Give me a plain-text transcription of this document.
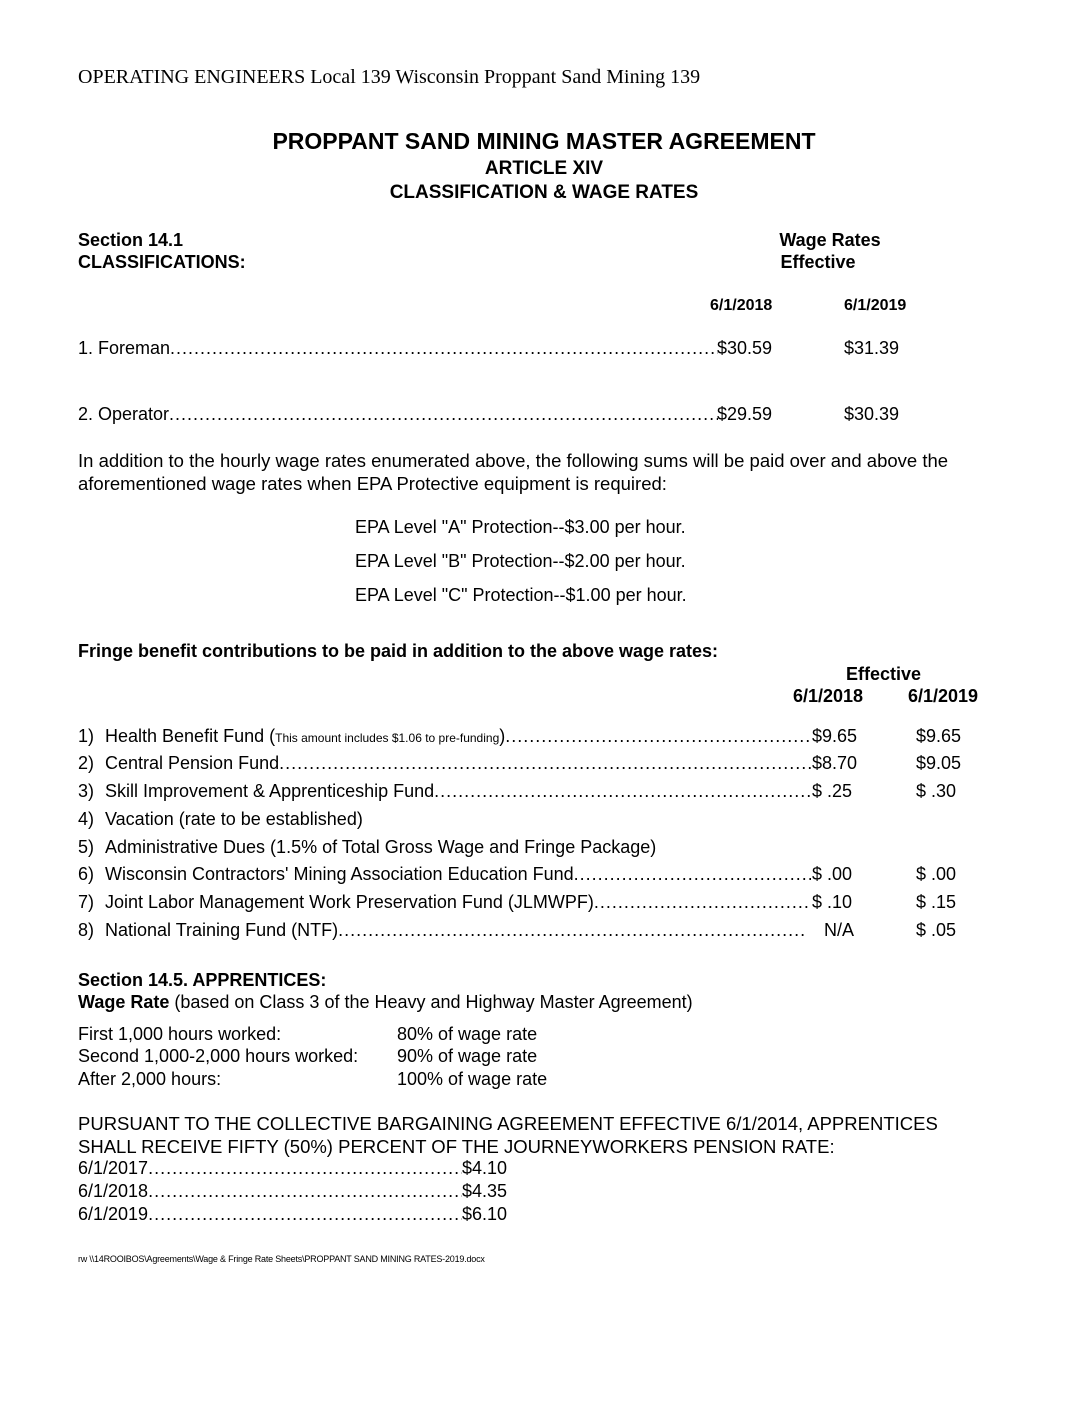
OPERATING ENGINEERS Local 139 Wisconsin Proppant Sand Mining 139
PROPPANT SAND MINING MASTER AGREEMENT
ARTICLE XIV
CLASSIFICATION & WAGE RATES
Section 14.1
CLASSIFICATIONS:
Wage Rates
Effective
6/1/2018	6/1/2019
1. Foreman .....	$30.59	$31.39
2. Operator .....	$29.59	$30.39
In addition to the hourly wage rates enumerated above, the following sums will be paid over and above the
aforementioned wage rates when EPA Protective equipment is required:
EPA Level "A" Protection--$3.00 per hour.
EPA Level "B" Protection--$2.00 per hour.
EPA Level "C" Protection--$1.00 per hour.
Fringe benefit contributions to be paid in addition to the above wage rates:
Effective
6/1/2018 6/1/2019
1) Health Benefit Fund ( This amount includes $1.06 to pre-funding ) .....	$9.65	$9.65
2) Central Pension Fund .....	$8.70	$9.05
3) Skill Improvement & Apprenticeship Fund .....	$ .25	$ .30
4) Vacation (rate to be established)
5) Administrative Dues (1.5% of Total Gross Wage and Fringe Package)
6) Wisconsin Contractors' Mining Association Education Fund .....	$ .00	$ .00
7) Joint Labor Management Work Preservation Fund (JLMWPF) .....	$ .10	$ .15
8) National Training Fund (NTF) .....	N/A	$ .05
Section 14.5. APPRENTICES:
Wage Rate (based on Class 3 of the Heavy and Highway Master Agreement)
First 1,000 hours worked:	80% of wage rate
Second 1,000-2,000 hours worked: 90% of wage rate
After 2,000 hours:	100% of wage rate
PURSUANT TO THE COLLECTIVE BARGAINING AGREEMENT EFFECTIVE 6/1/2014, APPRENTICES
SHALL RECEIVE FIFTY (50%) PERCENT OF THE JOURNEYWORKERS PENSION RATE:
6/1/2017 .....	$4.10
6/1/2018 .....	$4.35
6/1/2019 .....	$6.10
rw \\14ROOIBOS\Agreements\Wage & Fringe Rate Sheets\PROPPANT SAND MINING RATES-2019.docx
